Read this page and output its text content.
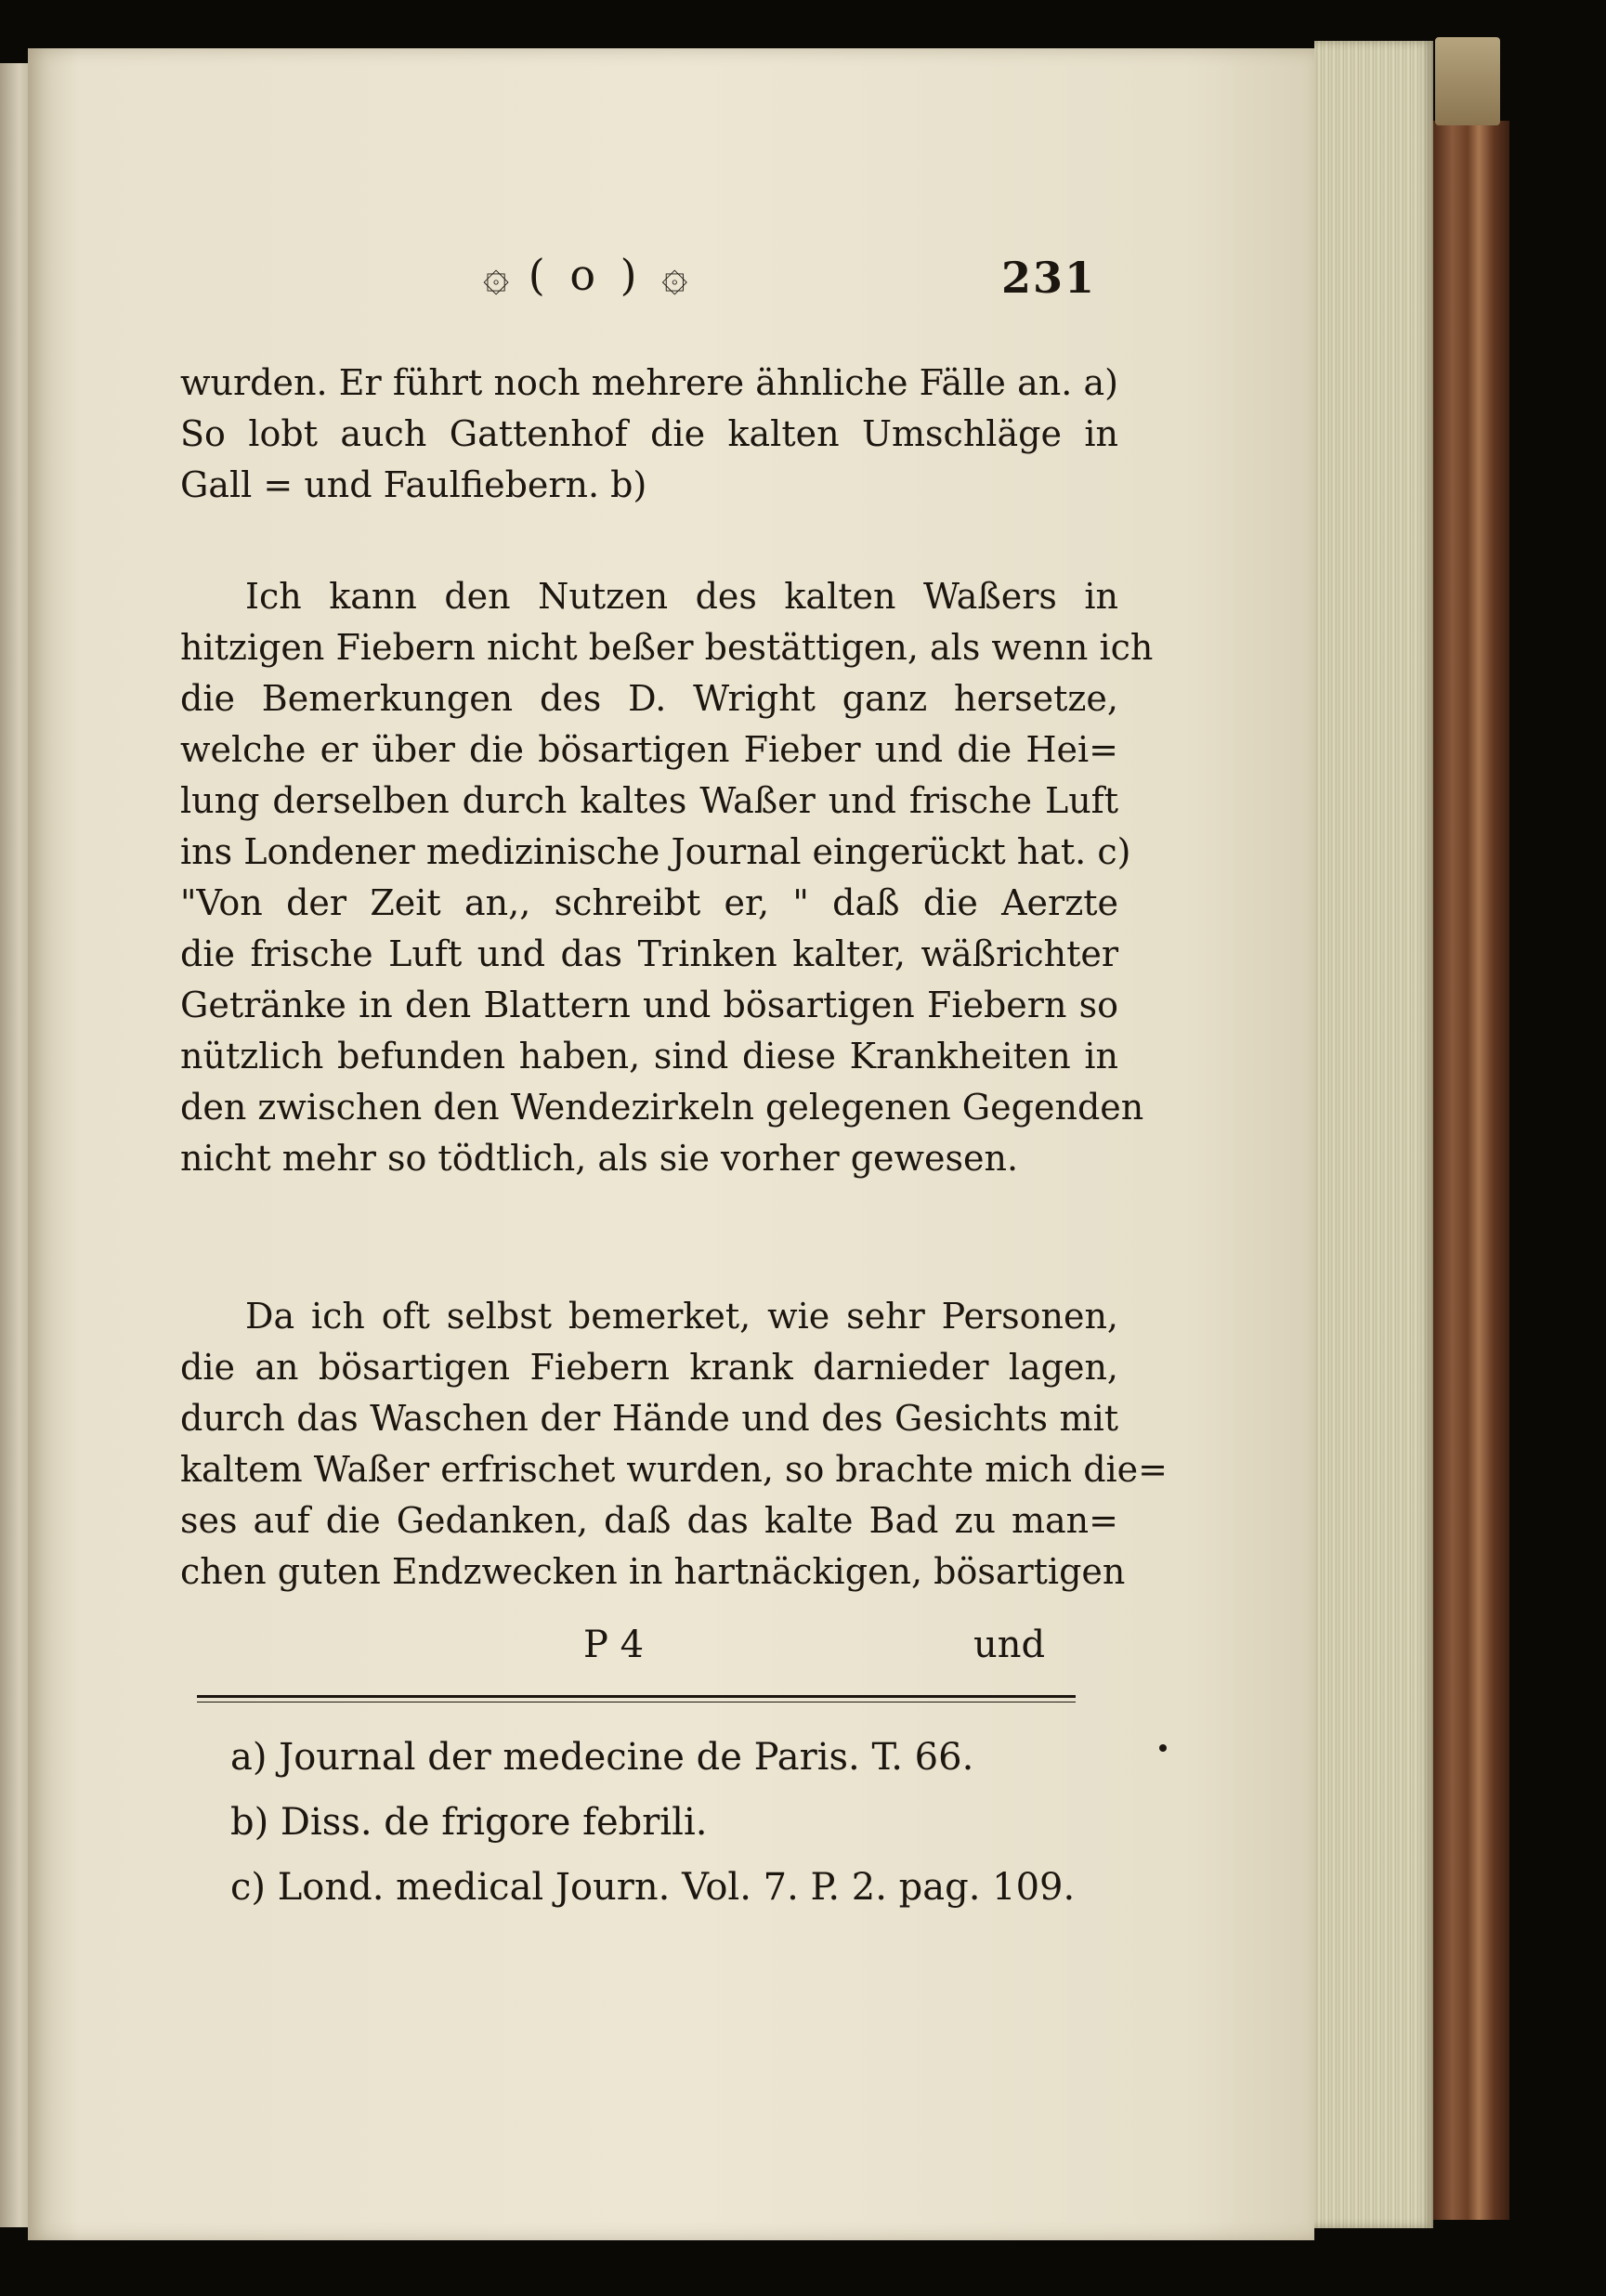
۞ ( o ) ۞	231
wurden. Er führt noch mehrere ähnliche Fälle an. a)
So lobt auch Gattenhof die kalten Umschläge in
Gall = und Faulfiebern. b)
Ich kann den Nutzen des kalten Waßers in
hitzigen Fiebern nicht beßer bestättigen, als wenn ich
die Bemerkungen des D. Wright ganz hersetze,
welche er über die bösartigen Fieber und die Hei=
lung derselben durch kaltes Waßer und frische Luft
ins Londener medizinische Journal eingerückt hat. c)
"Von der Zeit an,, schreibt er, " daß die Aerzte
die frische Luft und das Trinken kalter, wäßrichter
Getränke in den Blattern und bösartigen Fiebern so
nützlich befunden haben, sind diese Krankheiten in
den zwischen den Wendezirkeln gelegenen Gegenden
nicht mehr so tödtlich, als sie vorher gewesen.
Da ich oft selbst bemerket, wie sehr Personen,
die an bösartigen Fiebern krank darnieder lagen,
durch das Waschen der Hände und des Gesichts mit
kaltem Waßer erfrischet wurden, so brachte mich die=
ses auf die Gedanken, daß das kalte Bad zu man=
chen guten Endzwecken in hartnäckigen, bösartigen
P 4	und
a) Journal der medecine de Paris. T. 66.
b) Diss. de frigore febrili.
c) Lond. medical Journ. Vol. 7. P. 2. pag. 109.
